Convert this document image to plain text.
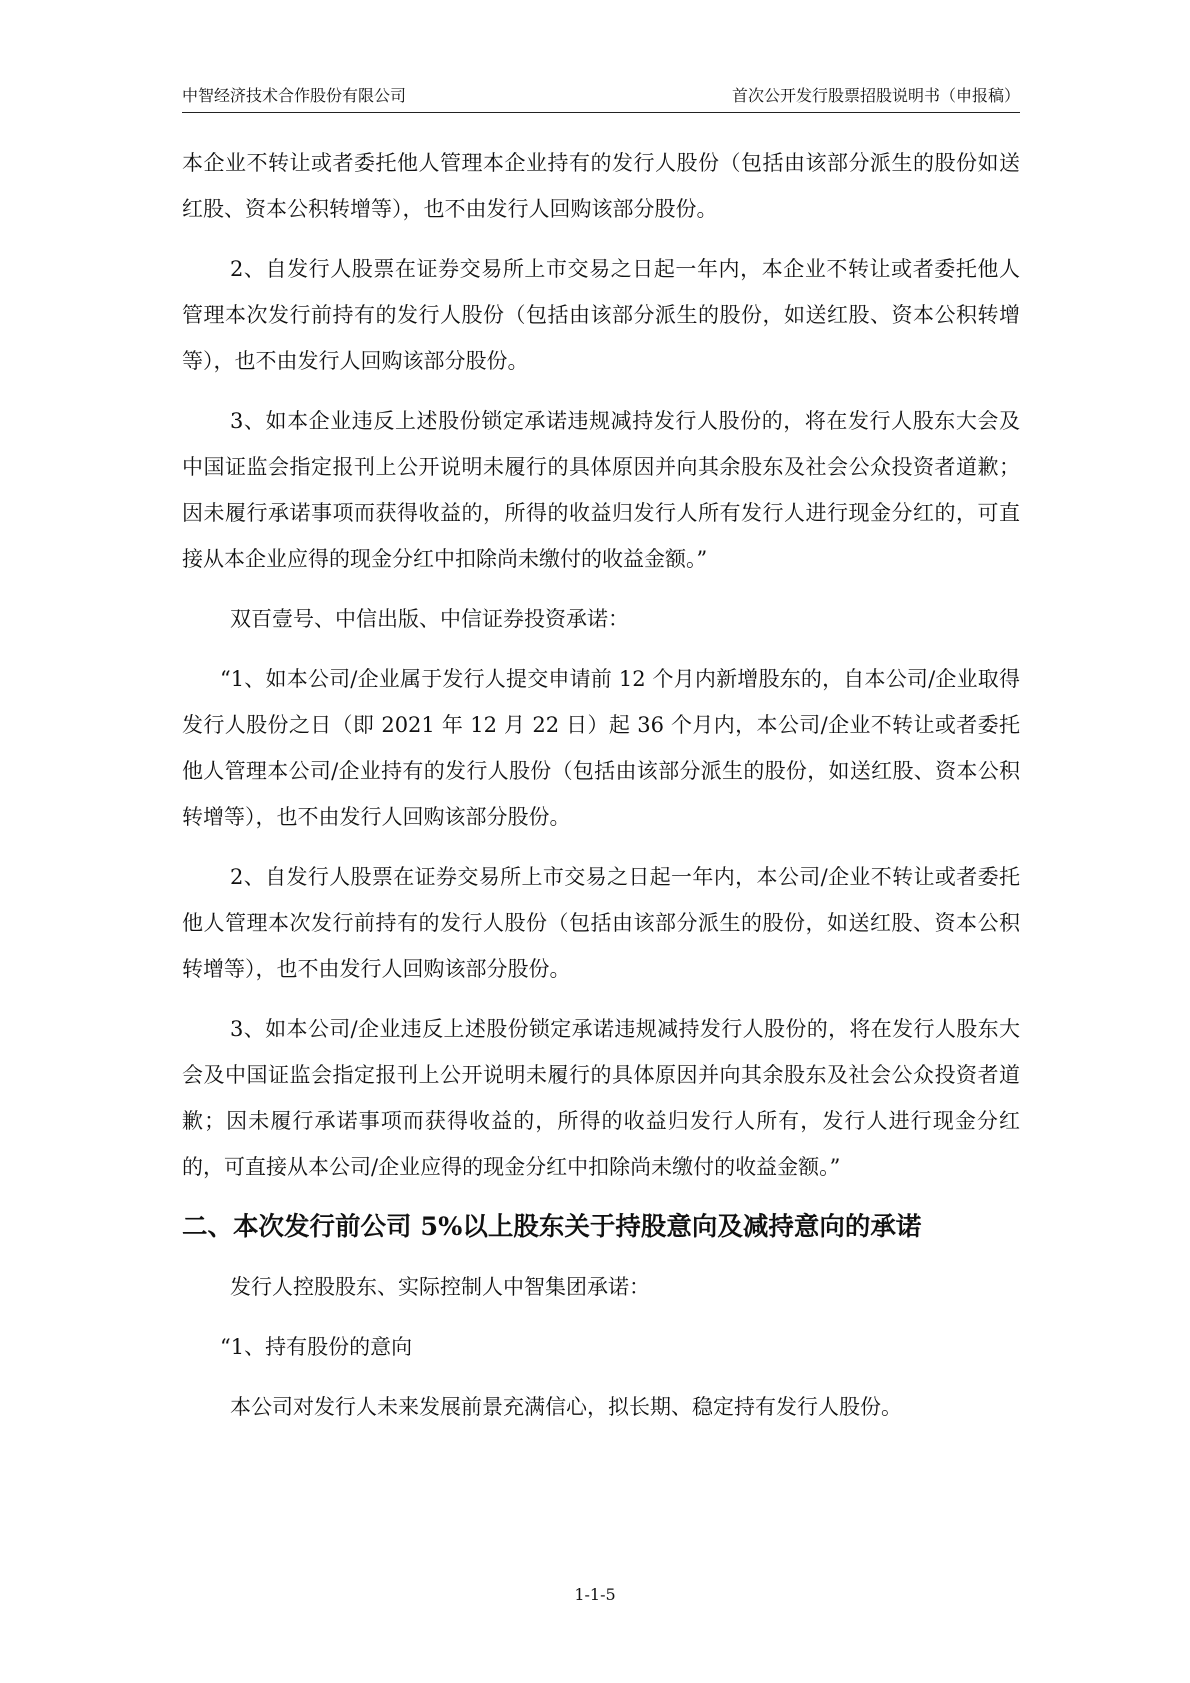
中智经济技术合作股份有限公司	首次公开发行股票招股说明书（申报稿）

本企业不转让或者委托他人管理本企业持有的发行人股份（包括由该部分派生的股份如送红股、资本公积转增等），也不由发行人回购该部分股份。

2、自发行人股票在证券交易所上市交易之日起一年内，本企业不转让或者委托他人管理本次发行前持有的发行人股份（包括由该部分派生的股份，如送红股、资本公积转增等），也不由发行人回购该部分股份。

3、如本企业违反上述股份锁定承诺违规减持发行人股份的，将在发行人股东大会及中国证监会指定报刊上公开说明未履行的具体原因并向其余股东及社会公众投资者道歉；因未履行承诺事项而获得收益的，所得的收益归发行人所有发行人进行现金分红的，可直接从本企业应得的现金分红中扣除尚未缴付的收益金额。”

双百壹号、中信出版、中信证券投资承诺：

“1、如本公司/企业属于发行人提交申请前 12 个月内新增股东的，自本公司/企业取得发行人股份之日（即 2021 年 12 月 22 日）起 36 个月内，本公司/企业不转让或者委托他人管理本公司/企业持有的发行人股份（包括由该部分派生的股份，如送红股、资本公积转增等），也不由发行人回购该部分股份。

2、自发行人股票在证券交易所上市交易之日起一年内，本公司/企业不转让或者委托他人管理本次发行前持有的发行人股份（包括由该部分派生的股份，如送红股、资本公积转增等），也不由发行人回购该部分股份。

3、如本公司/企业违反上述股份锁定承诺违规减持发行人股份的，将在发行人股东大会及中国证监会指定报刊上公开说明未履行的具体原因并向其余股东及社会公众投资者道歉；因未履行承诺事项而获得收益的，所得的收益归发行人所有，发行人进行现金分红的，可直接从本公司/企业应得的现金分红中扣除尚未缴付的收益金额。”

二、本次发行前公司 5%以上股东关于持股意向及减持意向的承诺

发行人控股股东、实际控制人中智集团承诺：

“1、持有股份的意向

本公司对发行人未来发展前景充满信心，拟长期、稳定持有发行人股份。

1-1-5
